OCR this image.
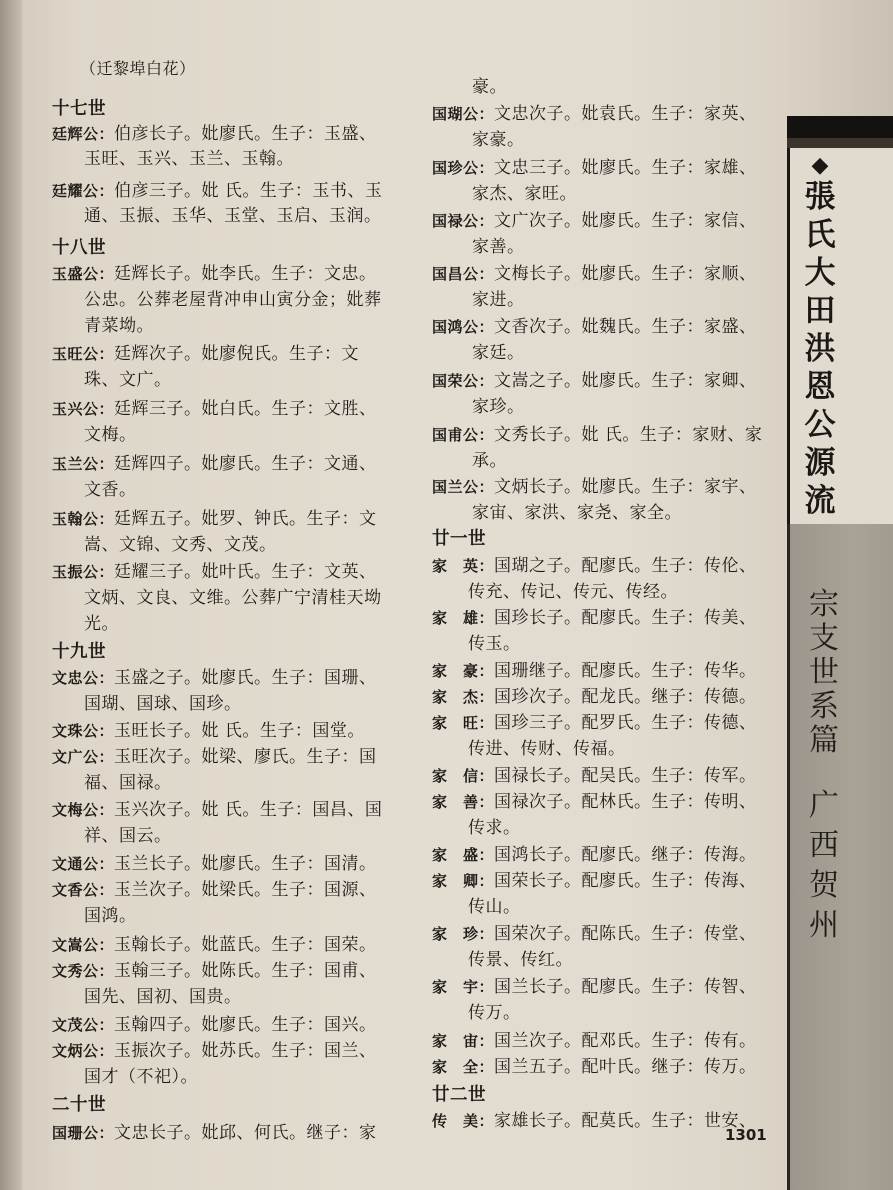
（迁黎埠白花）
十七世
廷辉公：伯彦长子。妣廖氏。生子：玉盛、
玉旺、玉兴、玉兰、玉翰。
廷耀公：伯彦三子。妣 氏。生子：玉书、玉
通、玉振、玉华、玉堂、玉启、玉润。
十八世
玉盛公：廷辉长子。妣李氏。生子：文忠。
公忠。公葬老屋背冲申山寅分金；妣葬
青菜坳。
玉旺公：廷辉次子。妣廖倪氏。生子：文
珠、文广。
玉兴公：廷辉三子。妣白氏。生子：文胜、
文梅。
玉兰公：廷辉四子。妣廖氏。生子：文通、
文香。
玉翰公：廷辉五子。妣罗、钟氏。生子：文
嵩、文锦、文秀、文茂。
玉振公：廷耀三子。妣叶氏。生子：文英、
文炳、文良、文维。公葬广宁清桂天坳
光。
十九世
文忠公：玉盛之子。妣廖氏。生子：国珊、
国瑚、国球、国珍。
文珠公：玉旺长子。妣 氏。生子：国堂。
文广公：玉旺次子。妣梁、廖氏。生子：国
福、国禄。
文梅公：玉兴次子。妣 氏。生子：国昌、国
祥、国云。
文通公：玉兰长子。妣廖氏。生子：国清。
文香公：玉兰次子。妣梁氏。生子：国源、
国鸿。
文嵩公：玉翰长子。妣蓝氏。生子：国荣。
文秀公：玉翰三子。妣陈氏。生子：国甫、
国先、国初、国贵。
文茂公：玉翰四子。妣廖氏。生子：国兴。
文炳公：玉振次子。妣苏氏。生子：国兰、
国才（不祀）。
二十世
国珊公：文忠长子。妣邱、何氏。继子：家
豪。
国瑚公：文忠次子。妣袁氏。生子：家英、
家豪。
国珍公：文忠三子。妣廖氏。生子：家雄、
家杰、家旺。
国禄公：文广次子。妣廖氏。生子：家信、
家善。
国昌公：文梅长子。妣廖氏。生子：家顺、
家进。
国鸿公：文香次子。妣魏氏。生子：家盛、
家廷。
国荣公：文嵩之子。妣廖氏。生子：家卿、
家珍。
国甫公：文秀长子。妣 氏。生子：家财、家
承。
国兰公：文炳长子。妣廖氏。生子：家宇、
家宙、家洪、家尧、家全。
廿一世
家　英：国瑚之子。配廖氏。生子：传伦、
传充、传记、传元、传经。
家　雄：国珍长子。配廖氏。生子：传美、
传玉。
家　豪：国珊继子。配廖氏。生子：传华。
家　杰：国珍次子。配龙氏。继子：传德。
家　旺：国珍三子。配罗氏。生子：传德、
传进、传财、传福。
家　信：国禄长子。配吴氏。生子：传军。
家　善：国禄次子。配林氏。生子：传明、
传求。
家　盛：国鸿长子。配廖氏。继子：传海。
家　卿：国荣长子。配廖氏。生子：传海、
传山。
家　珍：国荣次子。配陈氏。生子：传堂、
传景、传红。
家　宇：国兰长子。配廖氏。生子：传智、
传万。
家　宙：国兰次子。配邓氏。生子：传有。
家　全：国兰五子。配叶氏。继子：传万。
廿二世
传　美：家雄长子。配莫氏。生子：世安、
◆
張
氏
大
田
洪
恩
公
源
流
宗
支
世
系
篇
广
西
贺
州
1301
